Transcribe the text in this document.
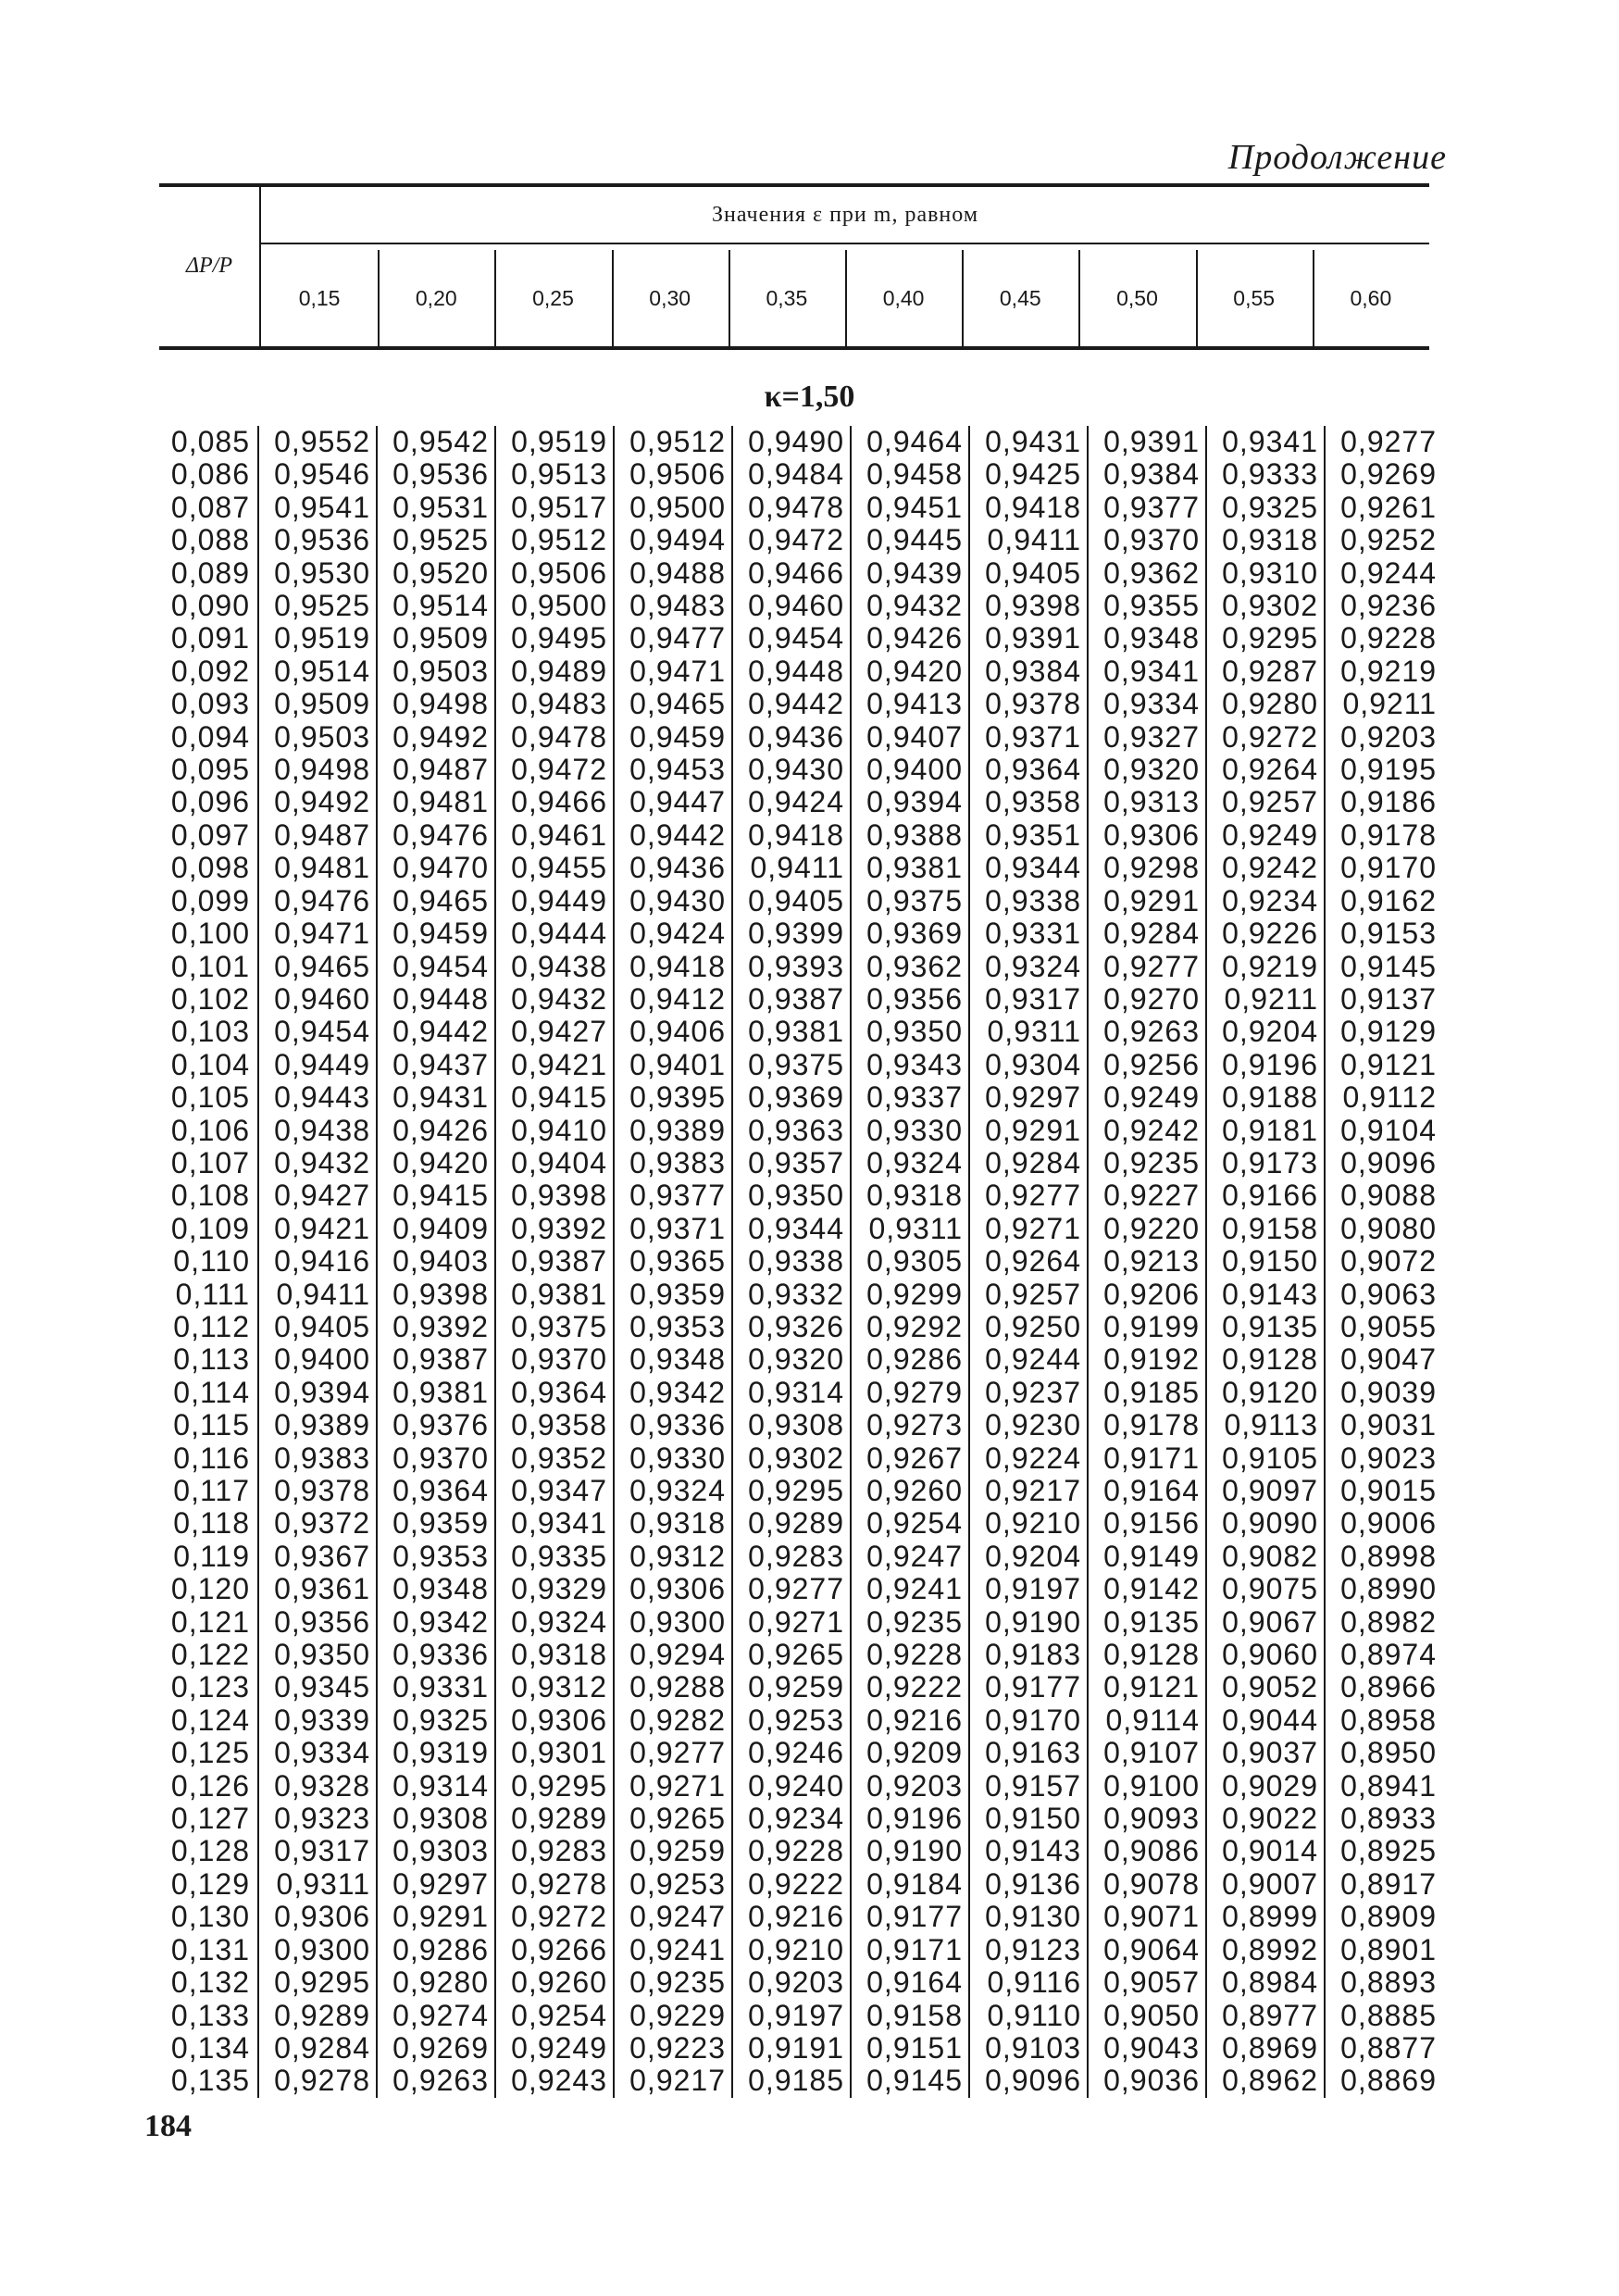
Продолжение
ΔP/P
Значения ε при m, равном
0,15	0,20	0,25	0,30	0,35	0,40	0,45	0,50	0,55	0,60
κ=1,50
0,085	0,9552	0,9542	0,9519	0,9512	0,9490	0,9464	0,9431	0,9391	0,9341	0,9277
0,086	0,9546	0,9536	0,9513	0,9506	0,9484	0,9458	0,9425	0,9384	0,9333	0,9269
0,087	0,9541	0,9531	0,9517	0,9500	0,9478	0,9451	0,9418	0,9377	0,9325	0,9261
0,088	0,9536	0,9525	0,9512	0,9494	0,9472	0,9445	0,9411	0,9370	0,9318	0,9252
0,089	0,9530	0,9520	0,9506	0,9488	0,9466	0,9439	0,9405	0,9362	0,9310	0,9244
0,090	0,9525	0,9514	0,9500	0,9483	0,9460	0,9432	0,9398	0,9355	0,9302	0,9236
0,091	0,9519	0,9509	0,9495	0,9477	0,9454	0,9426	0,9391	0,9348	0,9295	0,9228
0,092	0,9514	0,9503	0,9489	0,9471	0,9448	0,9420	0,9384	0,9341	0,9287	0,9219
0,093	0,9509	0,9498	0,9483	0,9465	0,9442	0,9413	0,9378	0,9334	0,9280	0,9211
0,094	0,9503	0,9492	0,9478	0,9459	0,9436	0,9407	0,9371	0,9327	0,9272	0,9203
0,095	0,9498	0,9487	0,9472	0,9453	0,9430	0,9400	0,9364	0,9320	0,9264	0,9195
0,096	0,9492	0,9481	0,9466	0,9447	0,9424	0,9394	0,9358	0,9313	0,9257	0,9186
0,097	0,9487	0,9476	0,9461	0,9442	0,9418	0,9388	0,9351	0,9306	0,9249	0,9178
0,098	0,9481	0,9470	0,9455	0,9436	0,9411	0,9381	0,9344	0,9298	0,9242	0,9170
0,099	0,9476	0,9465	0,9449	0,9430	0,9405	0,9375	0,9338	0,9291	0,9234	0,9162
0,100	0,9471	0,9459	0,9444	0,9424	0,9399	0,9369	0,9331	0,9284	0,9226	0,9153
0,101	0,9465	0,9454	0,9438	0,9418	0,9393	0,9362	0,9324	0,9277	0,9219	0,9145
0,102	0,9460	0,9448	0,9432	0,9412	0,9387	0,9356	0,9317	0,9270	0,9211	0,9137
0,103	0,9454	0,9442	0,9427	0,9406	0,9381	0,9350	0,9311	0,9263	0,9204	0,9129
0,104	0,9449	0,9437	0,9421	0,9401	0,9375	0,9343	0,9304	0,9256	0,9196	0,9121
0,105	0,9443	0,9431	0,9415	0,9395	0,9369	0,9337	0,9297	0,9249	0,9188	0,9112
0,106	0,9438	0,9426	0,9410	0,9389	0,9363	0,9330	0,9291	0,9242	0,9181	0,9104
0,107	0,9432	0,9420	0,9404	0,9383	0,9357	0,9324	0,9284	0,9235	0,9173	0,9096
0,108	0,9427	0,9415	0,9398	0,9377	0,9350	0,9318	0,9277	0,9227	0,9166	0,9088
0,109	0,9421	0,9409	0,9392	0,9371	0,9344	0,9311	0,9271	0,9220	0,9158	0,9080
0,110	0,9416	0,9403	0,9387	0,9365	0,9338	0,9305	0,9264	0,9213	0,9150	0,9072
0,111	0,9411	0,9398	0,9381	0,9359	0,9332	0,9299	0,9257	0,9206	0,9143	0,9063
0,112	0,9405	0,9392	0,9375	0,9353	0,9326	0,9292	0,9250	0,9199	0,9135	0,9055
0,113	0,9400	0,9387	0,9370	0,9348	0,9320	0,9286	0,9244	0,9192	0,9128	0,9047
0,114	0,9394	0,9381	0,9364	0,9342	0,9314	0,9279	0,9237	0,9185	0,9120	0,9039
0,115	0,9389	0,9376	0,9358	0,9336	0,9308	0,9273	0,9230	0,9178	0,9113	0,9031
0,116	0,9383	0,9370	0,9352	0,9330	0,9302	0,9267	0,9224	0,9171	0,9105	0,9023
0,117	0,9378	0,9364	0,9347	0,9324	0,9295	0,9260	0,9217	0,9164	0,9097	0,9015
0,118	0,9372	0,9359	0,9341	0,9318	0,9289	0,9254	0,9210	0,9156	0,9090	0,9006
0,119	0,9367	0,9353	0,9335	0,9312	0,9283	0,9247	0,9204	0,9149	0,9082	0,8998
0,120	0,9361	0,9348	0,9329	0,9306	0,9277	0,9241	0,9197	0,9142	0,9075	0,8990
0,121	0,9356	0,9342	0,9324	0,9300	0,9271	0,9235	0,9190	0,9135	0,9067	0,8982
0,122	0,9350	0,9336	0,9318	0,9294	0,9265	0,9228	0,9183	0,9128	0,9060	0,8974
0,123	0,9345	0,9331	0,9312	0,9288	0,9259	0,9222	0,9177	0,9121	0,9052	0,8966
0,124	0,9339	0,9325	0,9306	0,9282	0,9253	0,9216	0,9170	0,9114	0,9044	0,8958
0,125	0,9334	0,9319	0,9301	0,9277	0,9246	0,9209	0,9163	0,9107	0,9037	0,8950
0,126	0,9328	0,9314	0,9295	0,9271	0,9240	0,9203	0,9157	0,9100	0,9029	0,8941
0,127	0,9323	0,9308	0,9289	0,9265	0,9234	0,9196	0,9150	0,9093	0,9022	0,8933
0,128	0,9317	0,9303	0,9283	0,9259	0,9228	0,9190	0,9143	0,9086	0,9014	0,8925
0,129	0,9311	0,9297	0,9278	0,9253	0,9222	0,9184	0,9136	0,9078	0,9007	0,8917
0,130	0,9306	0,9291	0,9272	0,9247	0,9216	0,9177	0,9130	0,9071	0,8999	0,8909
0,131	0,9300	0,9286	0,9266	0,9241	0,9210	0,9171	0,9123	0,9064	0,8992	0,8901
0,132	0,9295	0,9280	0,9260	0,9235	0,9203	0,9164	0,9116	0,9057	0,8984	0,8893
0,133	0,9289	0,9274	0,9254	0,9229	0,9197	0,9158	0,9110	0,9050	0,8977	0,8885
0,134	0,9284	0,9269	0,9249	0,9223	0,9191	0,9151	0,9103	0,9043	0,8969	0,8877
0,135	0,9278	0,9263	0,9243	0,9217	0,9185	0,9145	0,9096	0,9036	0,8962	0,8869
184
